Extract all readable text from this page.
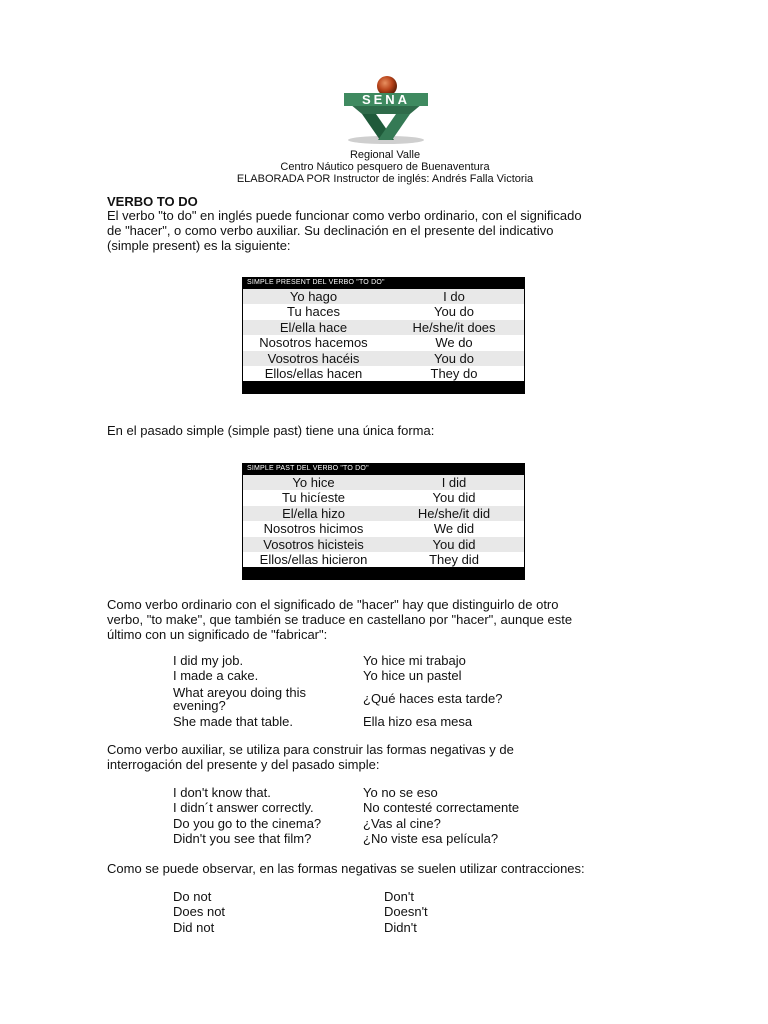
SENA
Regional Valle
Centro Náutico pesquero de Buenaventura
ELABORADA POR Instructor de inglés: Andrés Falla Victoria
VERBO TO DO
El verbo "to do" en inglés puede funcionar como verbo ordinario, con el significado
de "hacer", o como verbo auxiliar. Su declinación en el presente del indicativo
(simple present) es la siguiente:
SIMPLE PRESENT DEL VERBO "TO DO"
Yo hago	I do
Tu haces	You do
El/ella hace	He/she/it does
Nosotros hacemos	We do
Vosotros hacéis	You do
Ellos/ellas hacen	They do
En el pasado simple (simple past) tiene una única forma:
SIMPLE PAST DEL VERBO "TO DO"
Yo hice	I did
Tu hicíeste	You did
El/ella hizo	He/she/it did
Nosotros hicimos	We did
Vosotros hicisteis	You did
Ellos/ellas hicieron	They did
Como verbo ordinario con el significado de "hacer" hay que distinguirlo de otro
verbo, "to make", que también se traduce en castellano por "hacer", aunque este
último con un significado de "fabricar":
I did my job.	Yo hice mi trabajo
I made a cake.	Yo hice un pastel
What areyou doing this evening?	¿Qué haces esta tarde?
She made that table.	Ella hizo esa mesa
Como verbo auxiliar, se utiliza para construir las formas negativas y de
interrogación del presente y del pasado simple:
I don't know that.	Yo no se eso
I didn´t answer correctly.	No contesté correctamente
Do you go to the cinema?	¿Vas al cine?
Didn't you see that film?	¿No viste esa película?
Como se puede observar, en las formas negativas se suelen utilizar contracciones:
Do not	Don't
Does not	Doesn't
Did not	Didn't
